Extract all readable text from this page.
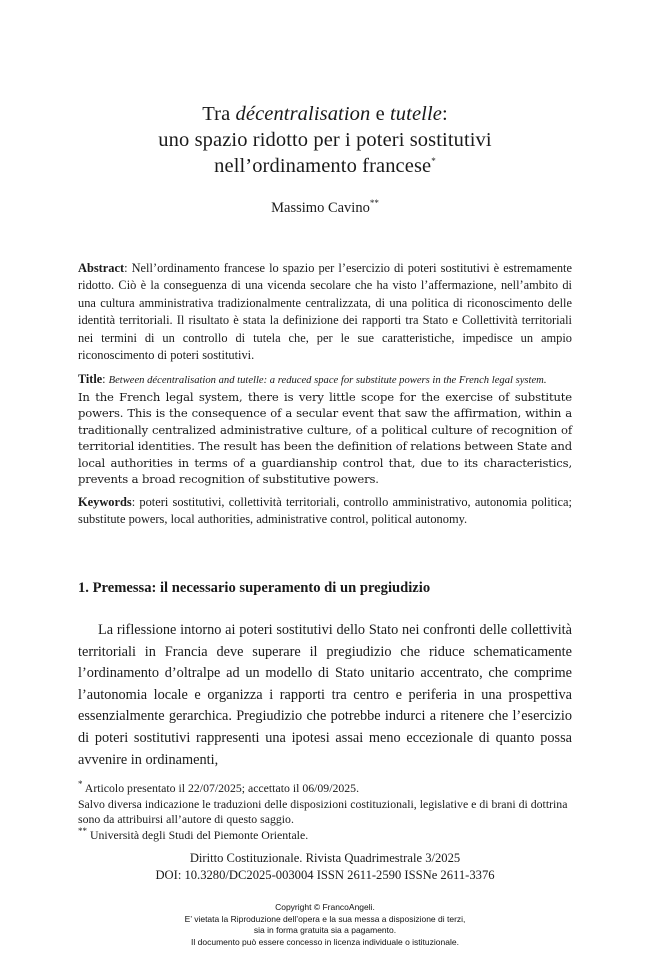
Tra décentralisation e tutelle:
uno spazio ridotto per i poteri sostitutivi
nell’ordinamento francese*
Massimo Cavino**
Abstract: Nell’ordinamento francese lo spazio per l’esercizio di poteri sostitutivi è estremamente ridotto. Ciò è la conseguenza di una vicenda secolare che ha visto l’affermazione, nell’ambito di una cultura amministrativa tradizionalmente centralizzata, di una politica di riconoscimento delle identità territoriali. Il risultato è stata la definizione dei rapporti tra Stato e Collettività territoriali nei termini di un controllo di tutela che, per le sue caratteristiche, impedisce un ampio riconoscimento di poteri sostitutivi.
Title: Between décentralisation and tutelle: a reduced space for substitute powers in the French legal system.
In the French legal system, there is very little scope for the exercise of substitute powers. This is the consequence of a secular event that saw the affirmation, within a traditionally centralized administrative culture, of a political culture of recognition of territorial identities. The result has been the definition of relations between State and local authorities in terms of a guardianship control that, due to its characteristics, prevents a broad recognition of substitutive powers.
Keywords: poteri sostitutivi, collettività territoriali, controllo amministrativo, autonomia politica; substitute powers, local authorities, administrative control, political autonomy.
1. Premessa: il necessario superamento di un pregiudizio

La riflessione intorno ai poteri sostitutivi dello Stato nei confronti delle collettività territoriali in Francia deve superare il pregiudizio che riduce schematicamente l’ordinamento d’oltralpe ad un modello di Stato unitario accentrato, che comprime l’autonomia locale e organizza i rapporti tra centro e periferia in una prospettiva essenzialmente gerarchica. Pregiudizio che potrebbe indurci a ritenere che l’esercizio di poteri sostitutivi rappresenti una ipotesi assai meno eccezionale di quanto possa avvenire in ordinamenti,

* Articolo presentato il 22/07/2025; accettato il 06/09/2025.

Salvo diversa indicazione le traduzioni delle disposizioni costituzionali, legislative e di brani di dottrina sono da attribuirsi all’autore di questo saggio.

** Università degli Studi del Piemonte Orientale.

Diritto Costituzionale. Rivista Quadrimestrale 3/2025
DOI: 10.3280/DC2025-003004 ISSN 2611-2590 ISSNe 2611-3376
Copyright © FrancoAngeli.
E’ vietata la Riproduzione dell’opera e la sua messa a disposizione di terzi,
sia in forma gratuita sia a pagamento.
Il documento può essere concesso in licenza individuale o istituzionale.
